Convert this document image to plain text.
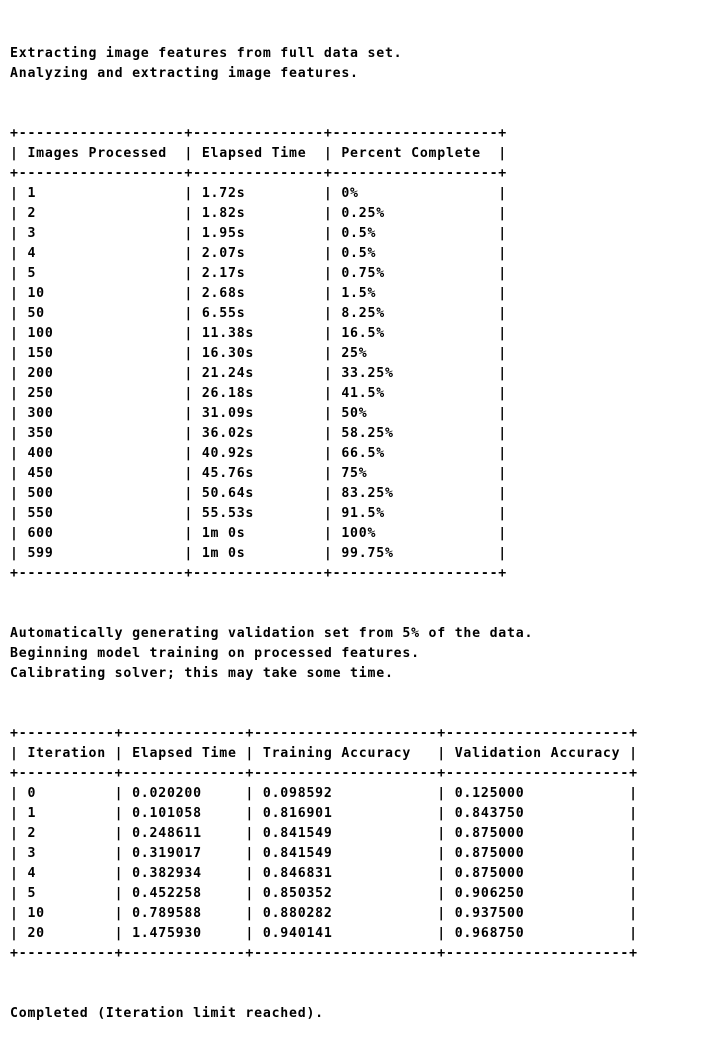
Extracting image features from full data set.
Analyzing and extracting image features.

+-------------------+---------------+-------------------+
| Images Processed  | Elapsed Time  | Percent Complete  |
+-------------------+---------------+-------------------+
| 1                 | 1.72s         | 0%                |
| 2                 | 1.82s         | 0.25%             |
| 3                 | 1.95s         | 0.5%              |
| 4                 | 2.07s         | 0.5%              |
| 5                 | 2.17s         | 0.75%             |
| 10                | 2.68s         | 1.5%              |
| 50                | 6.55s         | 8.25%             |
| 100               | 11.38s        | 16.5%             |
| 150               | 16.30s        | 25%               |
| 200               | 21.24s        | 33.25%            |
| 250               | 26.18s        | 41.5%             |
| 300               | 31.09s        | 50%               |
| 350               | 36.02s        | 58.25%            |
| 400               | 40.92s        | 66.5%             |
| 450               | 45.76s        | 75%               |
| 500               | 50.64s        | 83.25%            |
| 550               | 55.53s        | 91.5%             |
| 600               | 1m 0s         | 100%              |
| 599               | 1m 0s         | 99.75%            |
+-------------------+---------------+-------------------+

Automatically generating validation set from 5% of the data.
Beginning model training on processed features.
Calibrating solver; this may take some time.

+-----------+--------------+---------------------+---------------------+
| Iteration | Elapsed Time | Training Accuracy   | Validation Accuracy |
+-----------+--------------+---------------------+---------------------+
| 0         | 0.020200     | 0.098592            | 0.125000            |
| 1         | 0.101058     | 0.816901            | 0.843750            |
| 2         | 0.248611     | 0.841549            | 0.875000            |
| 3         | 0.319017     | 0.841549            | 0.875000            |
| 4         | 0.382934     | 0.846831            | 0.875000            |
| 5         | 0.452258     | 0.850352            | 0.906250            |
| 10        | 0.789588     | 0.880282            | 0.937500            |
| 20        | 1.475930     | 0.940141            | 0.968750            |
+-----------+--------------+---------------------+---------------------+

Completed (Iteration limit reached).
